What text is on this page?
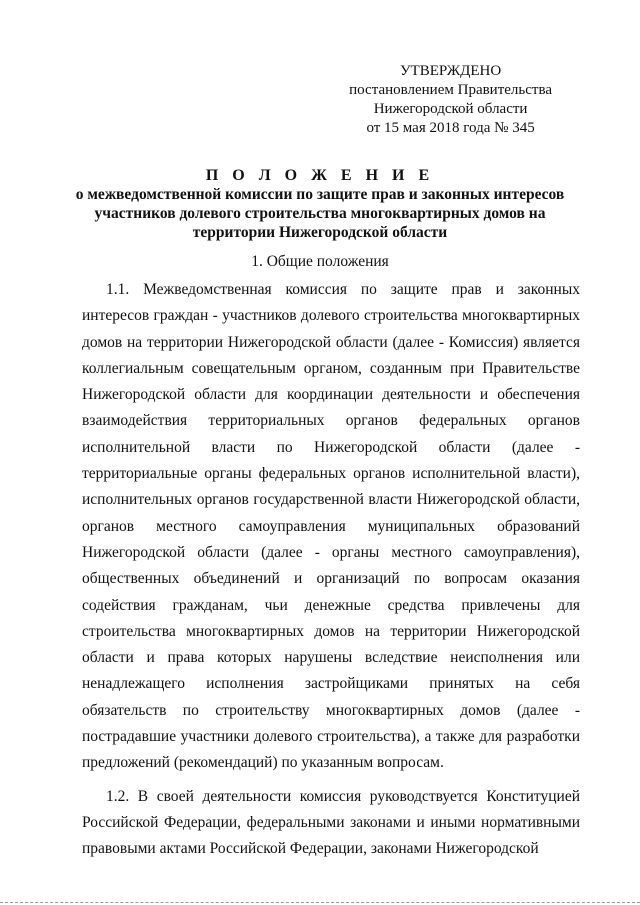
УТВЕРЖДЕНО
постановлением Правительства
Нижегородской области
от 15 мая 2018 года № 345
П О Л О Ж Е Н И Е
о межведомственной комиссии по защите прав и законных интересов
участников долевого строительства многоквартирных домов на
территории Нижегородской области
1. Общие положения

1.1. Межведомственная комиссия по защите прав и законных интересов граждан - участников долевого строительства многоквартирных домов на территории Нижегородской области (далее - Комиссия) является коллегиальным совещательным органом, созданным при Правительстве Нижегородской области для координации деятельности и обеспечения взаимодействия территориальных органов федеральных органов исполнительной власти по Нижегородской области (далее - территориальные органы федеральных органов исполнительной власти), исполнительных органов государственной власти Нижегородской области, органов местного самоуправления муниципальных образований Нижегородской области (далее - органы местного самоуправления), общественных объединений и организаций по вопросам оказания содействия гражданам, чьи денежные средства привлечены для строительства многоквартирных домов на территории Нижегородской области и права которых нарушены вследствие неисполнения или ненадлежащего исполнения застройщиками принятых на себя обязательств по строительству многоквартирных домов (далее - пострадавшие участники долевого строительства), а также для разработки предложений (рекомендаций) по указанным вопросам.

1.2. В своей деятельности комиссия руководствуется Конституцией Российской Федерации, федеральными законами и иными нормативными правовыми актами Российской Федерации, законами Нижегородской
